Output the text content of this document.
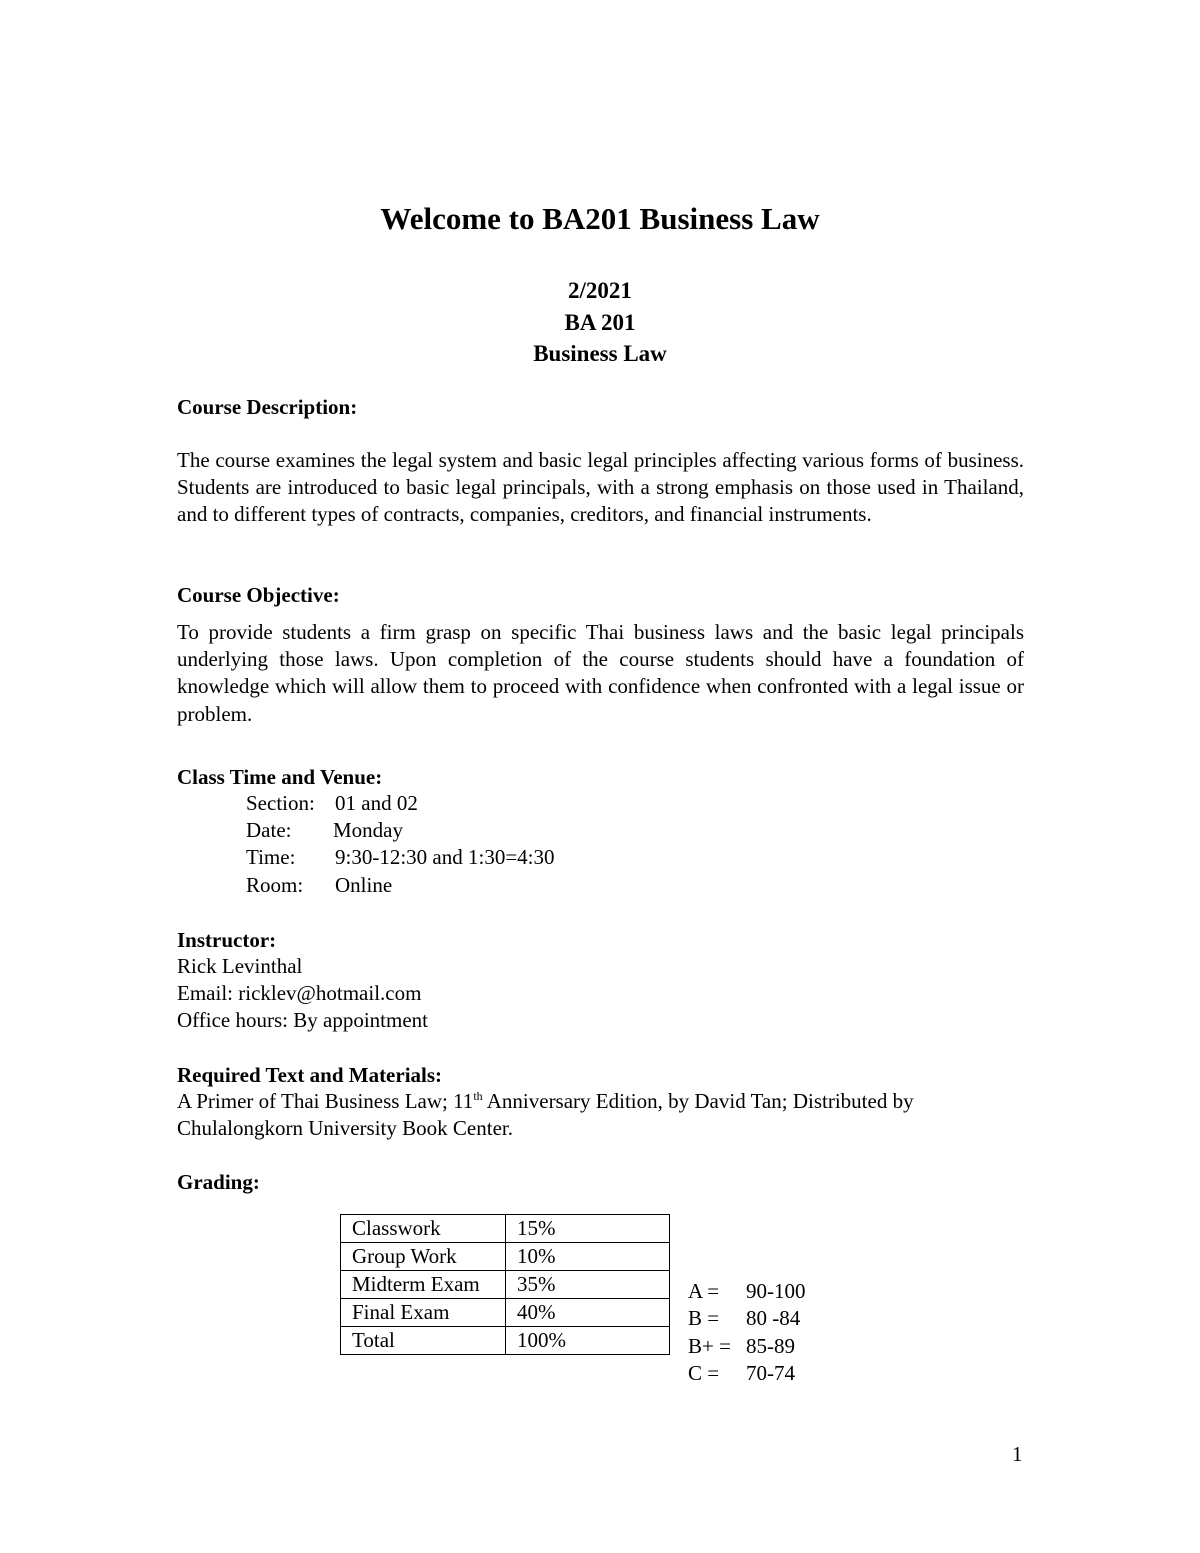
Welcome to BA201 Business Law
2/2021
BA 201
Business Law
Course Description:
The course examines the legal system and basic legal principles affecting various forms of business. Students are introduced to basic legal principals, with a strong emphasis on those used in Thailand, and to different types of contracts, companies, creditors, and financial instruments.
Course Objective:
To provide students a firm grasp on specific Thai business laws and the basic legal principals underlying those laws. Upon completion of the course students should have a foundation of knowledge which will allow them to proceed with confidence when confronted with a legal issue or problem.
Class Time and Venue:
Section: 01 and 02
Date: Monday
Time: 9:30-12:30 and 1:30=4:30
Room: Online
Instructor:
Rick Levinthal
Email: ricklev@hotmail.com
Office hours: By appointment
Required Text and Materials:
A Primer of Thai Business Law; 11th Anniversary Edition, by David Tan; Distributed by
Chulalongkorn University Book Center.
Grading:
Classwork	15%
Group Work	10%
Midterm Exam	35%
Final Exam	40%
Total	100%
A = 90-100
B = 80 -84
B+ = 85-89
C = 70-74
1
